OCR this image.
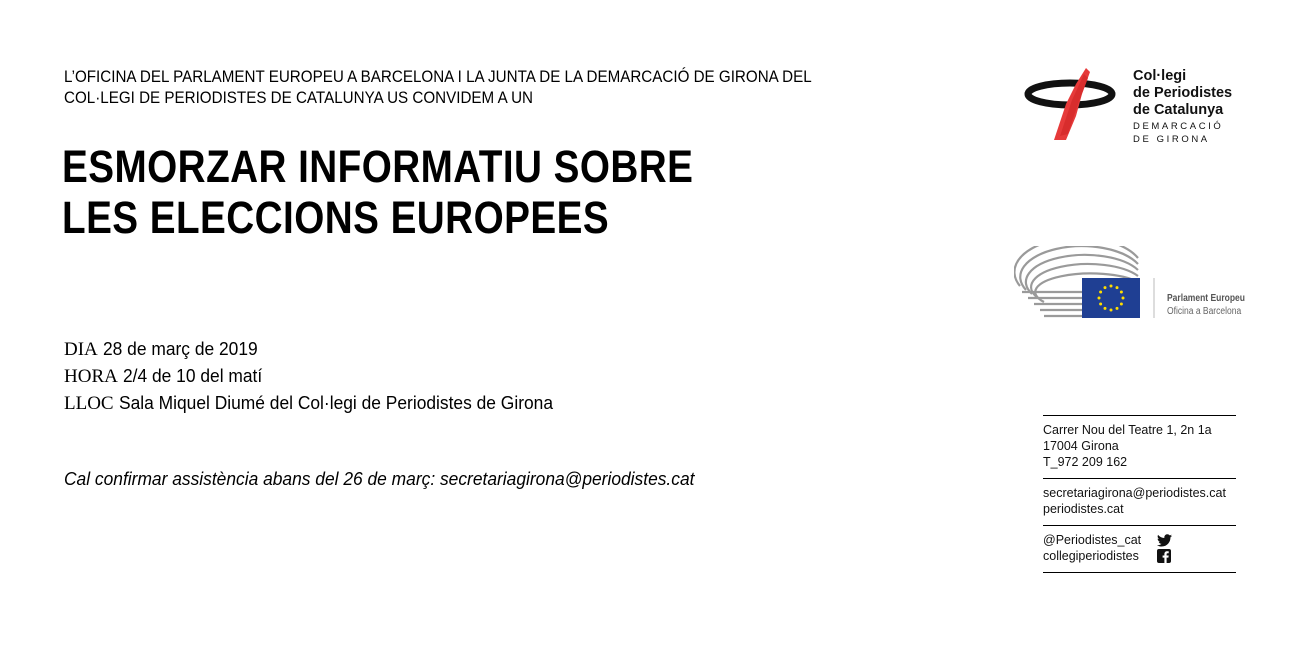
L’OFICINA DEL PARLAMENT EUROPEU A BARCELONA I LA JUNTA DE LA DEMARCACIÓ DE GIRONA DEL
COL·LEGI DE PERIODISTES DE CATALUNYA US CONVIDEM A UN
ESMORZAR INFORMATIU SOBRE
LES ELECCIONS EUROPEES
DIA 28 de març de 2019
HORA 2/4 de 10 del matí
LLOC Sala Miquel Diumé del Col·legi de Periodistes de Girona
Cal confirmar assistència abans del 26 de març: secretariagirona@periodistes.cat
Col·legi
de Periodistes
de Catalunya
DEMARCACIÓ
DE GIRONA
Parlament Europeu
Oficina a Barcelona
Carrer Nou del Teatre 1, 2n 1a
17004 Girona
T_972 209 162
secretariagirona@periodistes.cat
periodistes.cat
@Periodistes_cat
collegiperiodistes
